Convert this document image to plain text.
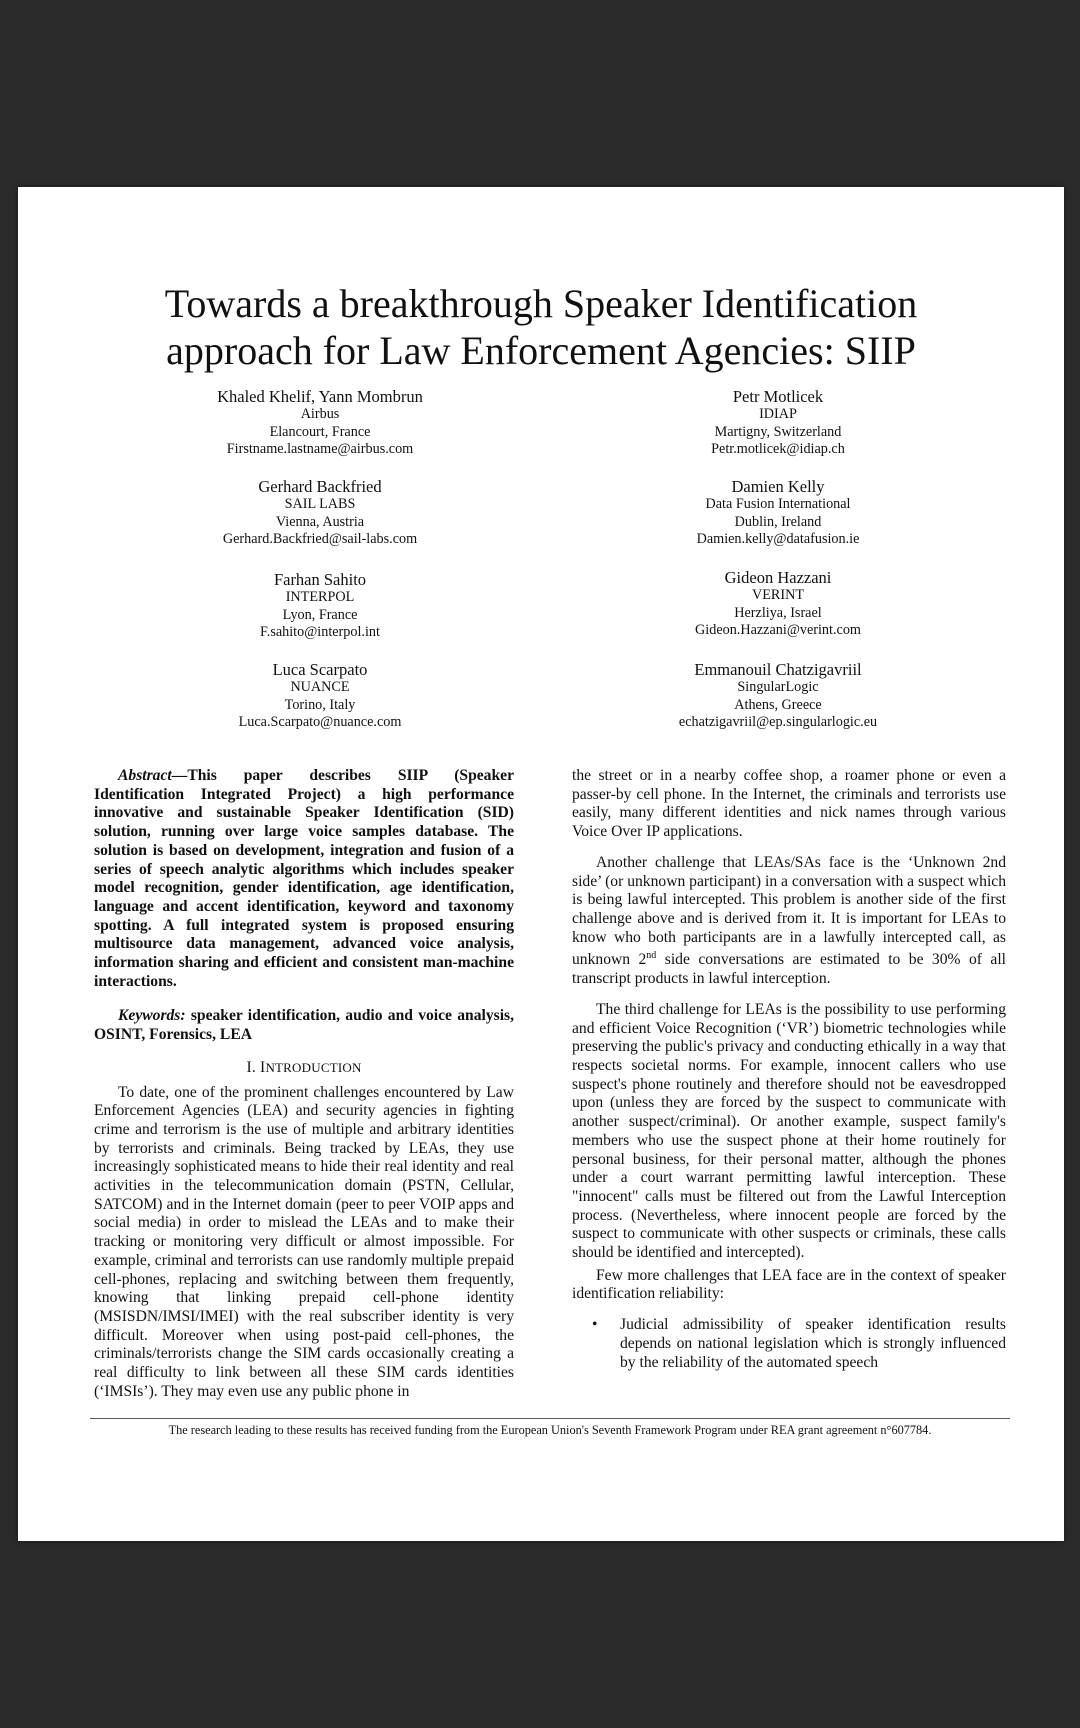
Towards a breakthrough Speaker Identification
approach for Law Enforcement Agencies: SIIP
Khaled Khelif, Yann Mombrun
Airbus
Elancourt, France
Firstname.lastname@airbus.com
Gerhard Backfried
SAIL LABS
Vienna, Austria
Gerhard.Backfried@sail-labs.com
Farhan Sahito
INTERPOL
Lyon, France
F.sahito@interpol.int
Luca Scarpato
NUANCE
Torino, Italy
Luca.Scarpato@nuance.com
Petr Motlicek
IDIAP
Martigny, Switzerland
Petr.motlicek@idiap.ch
Damien Kelly
Data Fusion International
Dublin, Ireland
Damien.kelly@datafusion.ie
Gideon Hazzani
VERINT
Herzliya, Israel
Gideon.Hazzani@verint.com
Emmanouil Chatzigavriil
SingularLogic
Athens, Greece
echatzigavriil@ep.singularlogic.eu

Abstract—This paper describes SIIP (Speaker Identification Integrated Project) a high performance innovative and sustainable Speaker Identification (SID) solution, running over large voice samples database. The solution is based on development, integration and fusion of a series of speech analytic algorithms which includes speaker model recognition, gender identification, age identification, language and accent identification, keyword and taxonomy spotting. A full integrated system is proposed ensuring multisource data management, advanced voice analysis, information sharing and efficient and consistent man-machine interactions.

Keywords: speaker identification, audio and voice analysis, OSINT, Forensics, LEA

I. INTRODUCTION

To date, one of the prominent challenges encountered by Law Enforcement Agencies (LEA) and security agencies in fighting crime and terrorism is the use of multiple and arbitrary identities by terrorists and criminals. Being tracked by LEAs, they use increasingly sophisticated means to hide their real identity and real activities in the telecommunication domain (PSTN, Cellular, SATCOM) and in the Internet domain (peer to peer VOIP apps and social media) in order to mislead the LEAs and to make their tracking or monitoring very difficult or almost impossible. For example, criminal and terrorists can use randomly multiple prepaid cell-phones, replacing and switching between them frequently, knowing that linking prepaid cell-phone identity (MSISDN/IMSI/IMEI) with the real subscriber identity is very difficult. Moreover when using post-paid cell-phones, the criminals/terrorists change the SIM cards occasionally creating a real difficulty to link between all these SIM cards identities (‘IMSIs’). They may even use any public phone in

the street or in a nearby coffee shop, a roamer phone or even a passer-by cell phone. In the Internet, the criminals and terrorists use easily, many different identities and nick names through various Voice Over IP applications.

Another challenge that LEAs/SAs face is the ‘Unknown 2nd side’ (or unknown participant) in a conversation with a suspect which is being lawful intercepted. This problem is another side of the first challenge above and is derived from it. It is important for LEAs to know who both participants are in a lawfully intercepted call, as unknown 2nd side conversations are estimated to be 30% of all transcript products in lawful interception.

The third challenge for LEAs is the possibility to use performing and efficient Voice Recognition (‘VR’) biometric technologies while preserving the public's privacy and conducting ethically in a way that respects societal norms. For example, innocent callers who use suspect's phone routinely and therefore should not be eavesdropped upon (unless they are forced by the suspect to communicate with another suspect/criminal). Or another example, suspect family's members who use the suspect phone at their home routinely for personal business, for their personal matter, although the phones under a court warrant permitting lawful interception. These "innocent" calls must be filtered out from the Lawful Interception process. (Nevertheless, where innocent people are forced by the suspect to communicate with other suspects or criminals, these calls should be identified and intercepted).

Few more challenges that LEA face are in the context of speaker identification reliability:

• Judicial admissibility of speaker identification results depends on national legislation which is strongly influenced by the reliability of the automated speech
The research leading to these results has received funding from the European Union's Seventh Framework Program under REA grant agreement n°607784.
